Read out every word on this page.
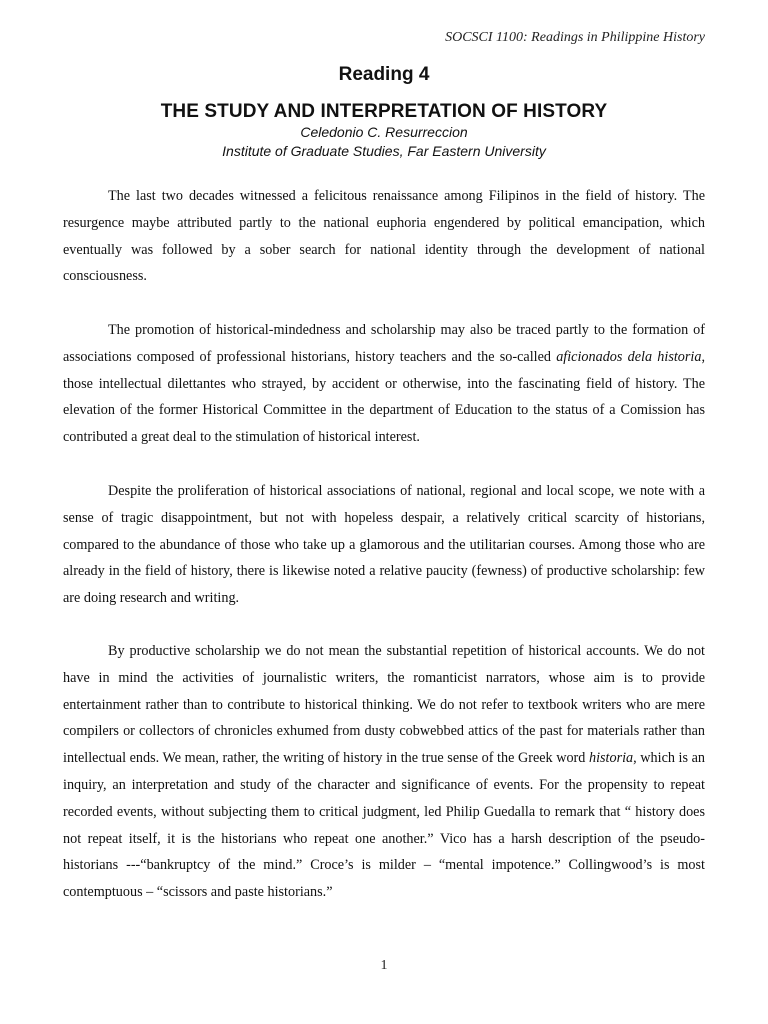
SOCSCI 1100: Readings in Philippine History
Reading 4
THE STUDY AND INTERPRETATION OF HISTORY
Celedonio C. Resurreccion
Institute of Graduate Studies, Far Eastern University

The last two decades witnessed a felicitous renaissance among Filipinos in the field of history. The resurgence maybe attributed partly to the national euphoria engendered by political emancipation, which eventually was followed by a sober search for national identity through the development of national consciousness.

The promotion of historical-mindedness and scholarship may also be traced partly to the formation of associations composed of professional historians, history teachers and the so-called aficionados dela historia, those intellectual dilettantes who strayed, by accident or otherwise, into the fascinating field of history. The elevation of the former Historical Committee in the department of Education to the status of a Comission has contributed a great deal to the stimulation of historical interest.

Despite the proliferation of historical associations of national, regional and local scope, we note with a sense of tragic disappointment, but not with hopeless despair, a relatively critical scarcity of historians, compared to the abundance of those who take up a glamorous and the utilitarian courses. Among those who are already in the field of history, there is likewise noted a relative paucity (fewness) of productive scholarship: few are doing research and writing.

By productive scholarship we do not mean the substantial repetition of historical accounts. We do not have in mind the activities of journalistic writers, the romanticist narrators, whose aim is to provide entertainment rather than to contribute to historical thinking. We do not refer to textbook writers who are mere compilers or collectors of chronicles exhumed from dusty cobwebbed attics of the past for materials rather than intellectual ends. We mean, rather, the writing of history in the true sense of the Greek word historia, which is an inquiry, an interpretation and study of the character and significance of events. For the propensity to repeat recorded events, without subjecting them to critical judgment, led Philip Guedalla to remark that “ history does not repeat itself, it is the historians who repeat one another.” Vico has a harsh description of the pseudo-historians ---“bankruptcy of the mind.” Croce’s is milder – “mental impotence.” Collingwood’s is most contemptuous – “scissors and paste historians.”

1
